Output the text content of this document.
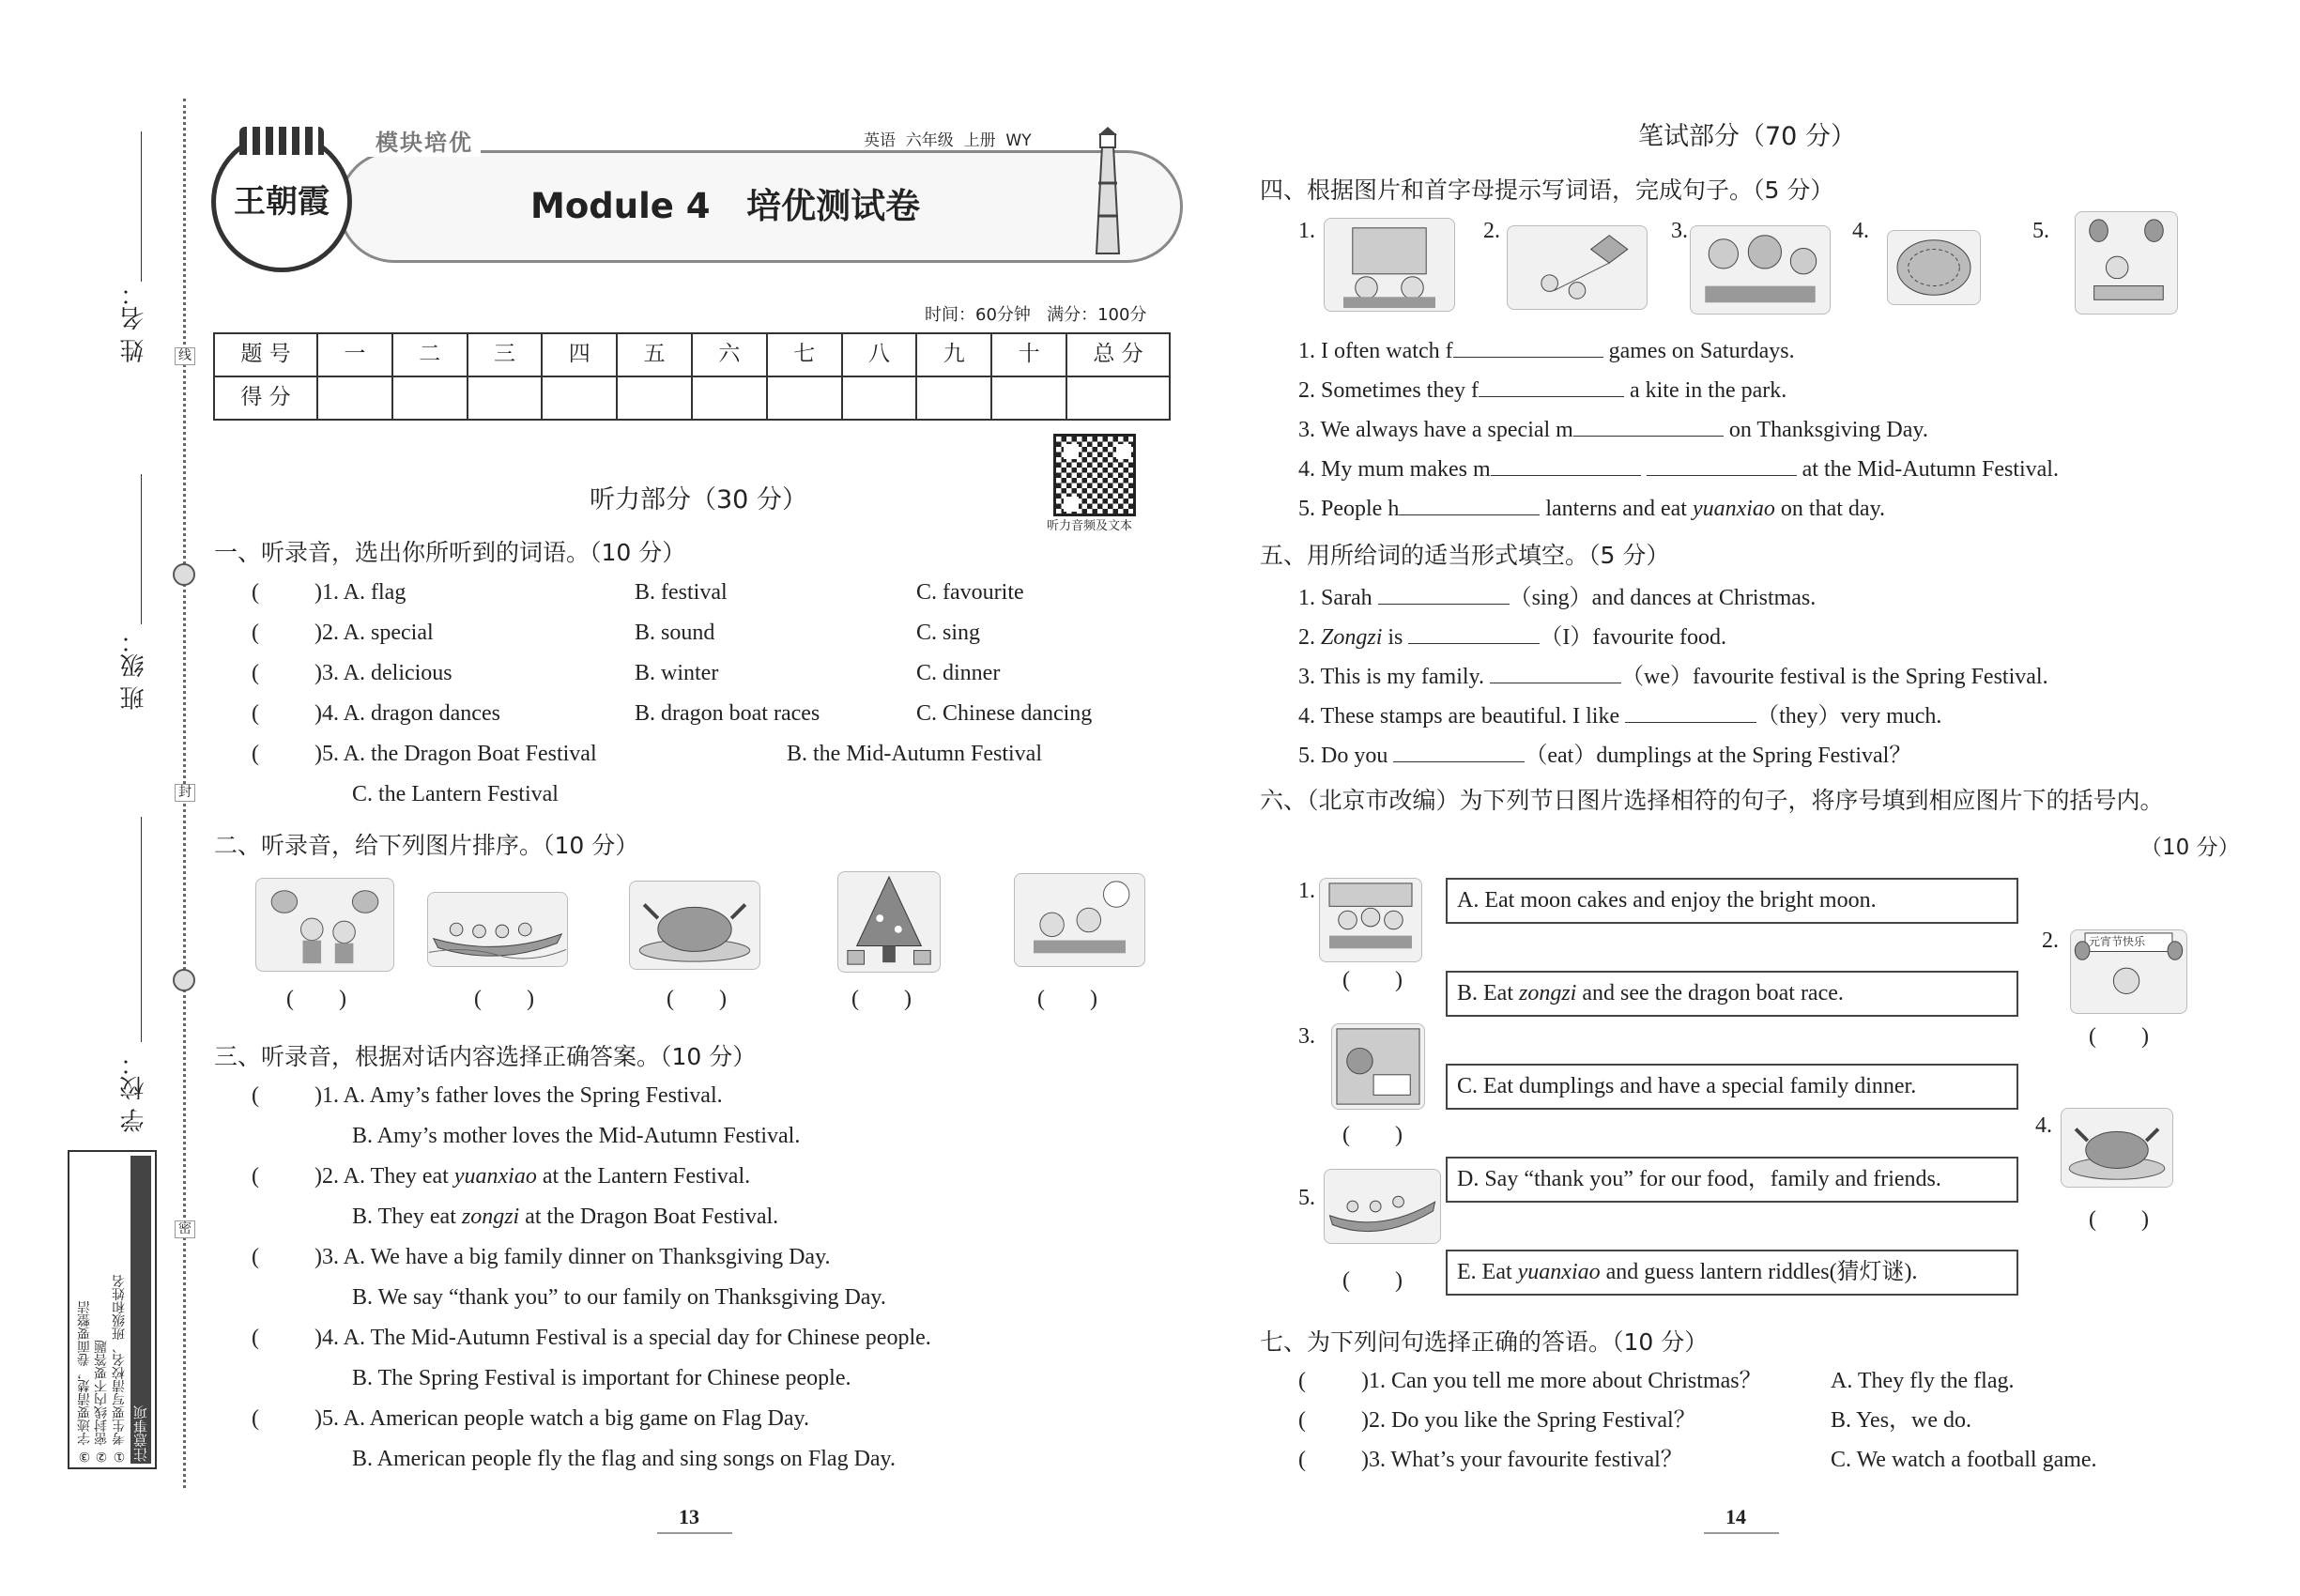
姓 名：
班 级：
学 校：
线
封
密
注意事项
① 考生要写清校名、班级和姓名
② 密封线内不要答题
③ 字迹要清楚，卷面要整洁
王朝霞
模块培优	英语  六年级  上册  WY
Module 4   培优测试卷
时间：60分钟   满分：100分
题 号	一	二	三	四	五	六	七	八	九	十	总 分
得 分											
听力音频及文本
听力部分（30 分）
一、听录音，选出你所听到的词语。（10 分）
( )1. A. flag	B. festival	C. favourite
( )2. A. special	B. sound	C. sing
( )3. A. delicious	B. winter	C. dinner
( )4. A. dragon dances	B. dragon boat races	C. Chinese dancing
( )5. A. the Dragon Boat Festival	B. the Mid-Autumn Festival
C. the Lantern Festival
二、听录音，给下列图片排序。（10 分）
(　　)	(　　)	(　　)	(　　)	(　　)
三、听录音，根据对话内容选择正确答案。（10 分）
( )1. A. Amy’s father loves the Spring Festival.
B. Amy’s mother loves the Mid-Autumn Festival.
( )2. A. They eat yuanxiao at the Lantern Festival.
B. They eat zongzi at the Dragon Boat Festival.
( )3. A. We have a big family dinner on Thanksgiving Day.
B. We say “thank you” to our family on Thanksgiving Day.
( )4. A. The Mid-Autumn Festival is a special day for Chinese people.
B. The Spring Festival is important for Chinese people.
( )5. A. American people watch a big game on Flag Day.
B. American people fly the flag and sing songs on Flag Day.
13
笔试部分（70 分）
四、根据图片和首字母提示写词语，完成句子。（5 分）
1.	2.	3.	4.	5.
1. I often watch f	games on Saturdays.
2. Sometimes they f	a kite in the park.
3. We always have a special m	on Thanksgiving Day.
4. My mum makes m	at the Mid-Autumn Festival.
5. People h	lanterns and eat yuanxiao on that day.
五、用所给词的适当形式填空。（5 分）
1. Sarah	（sing）and dances at Christmas.
2. Zongzi is	（I）favourite food.
3. This is my family.	（we）favourite festival is the Spring Festival.
4. These stamps are beautiful. I like	（they）very much.
5. Do you	（eat）dumplings at the Spring Festival？
六、（北京市改编）为下列节日图片选择相符的句子，将序号填到相应图片下的括号内。
（10 分）
1.
(　　)
3.
(　　)
5.
(　　)
A. Eat moon cakes and enjoy the bright moon.
B. Eat zongzi and see the dragon boat race.
C. Eat dumplings and have a special family dinner.
D. Say “thank you” for our food，family and friends.
E. Eat yuanxiao and guess lantern riddles(猜灯谜).
2.	元宵节快乐
(　　)
4.
(　　)
七、为下列问句选择正确的答语。（10 分）
( )1. Can you tell me more about Christmas？	A. They fly the flag.
( )2. Do you like the Spring Festival？	B. Yes，we do.
( )3. What’s your favourite festival？	C. We watch a football game.
14
